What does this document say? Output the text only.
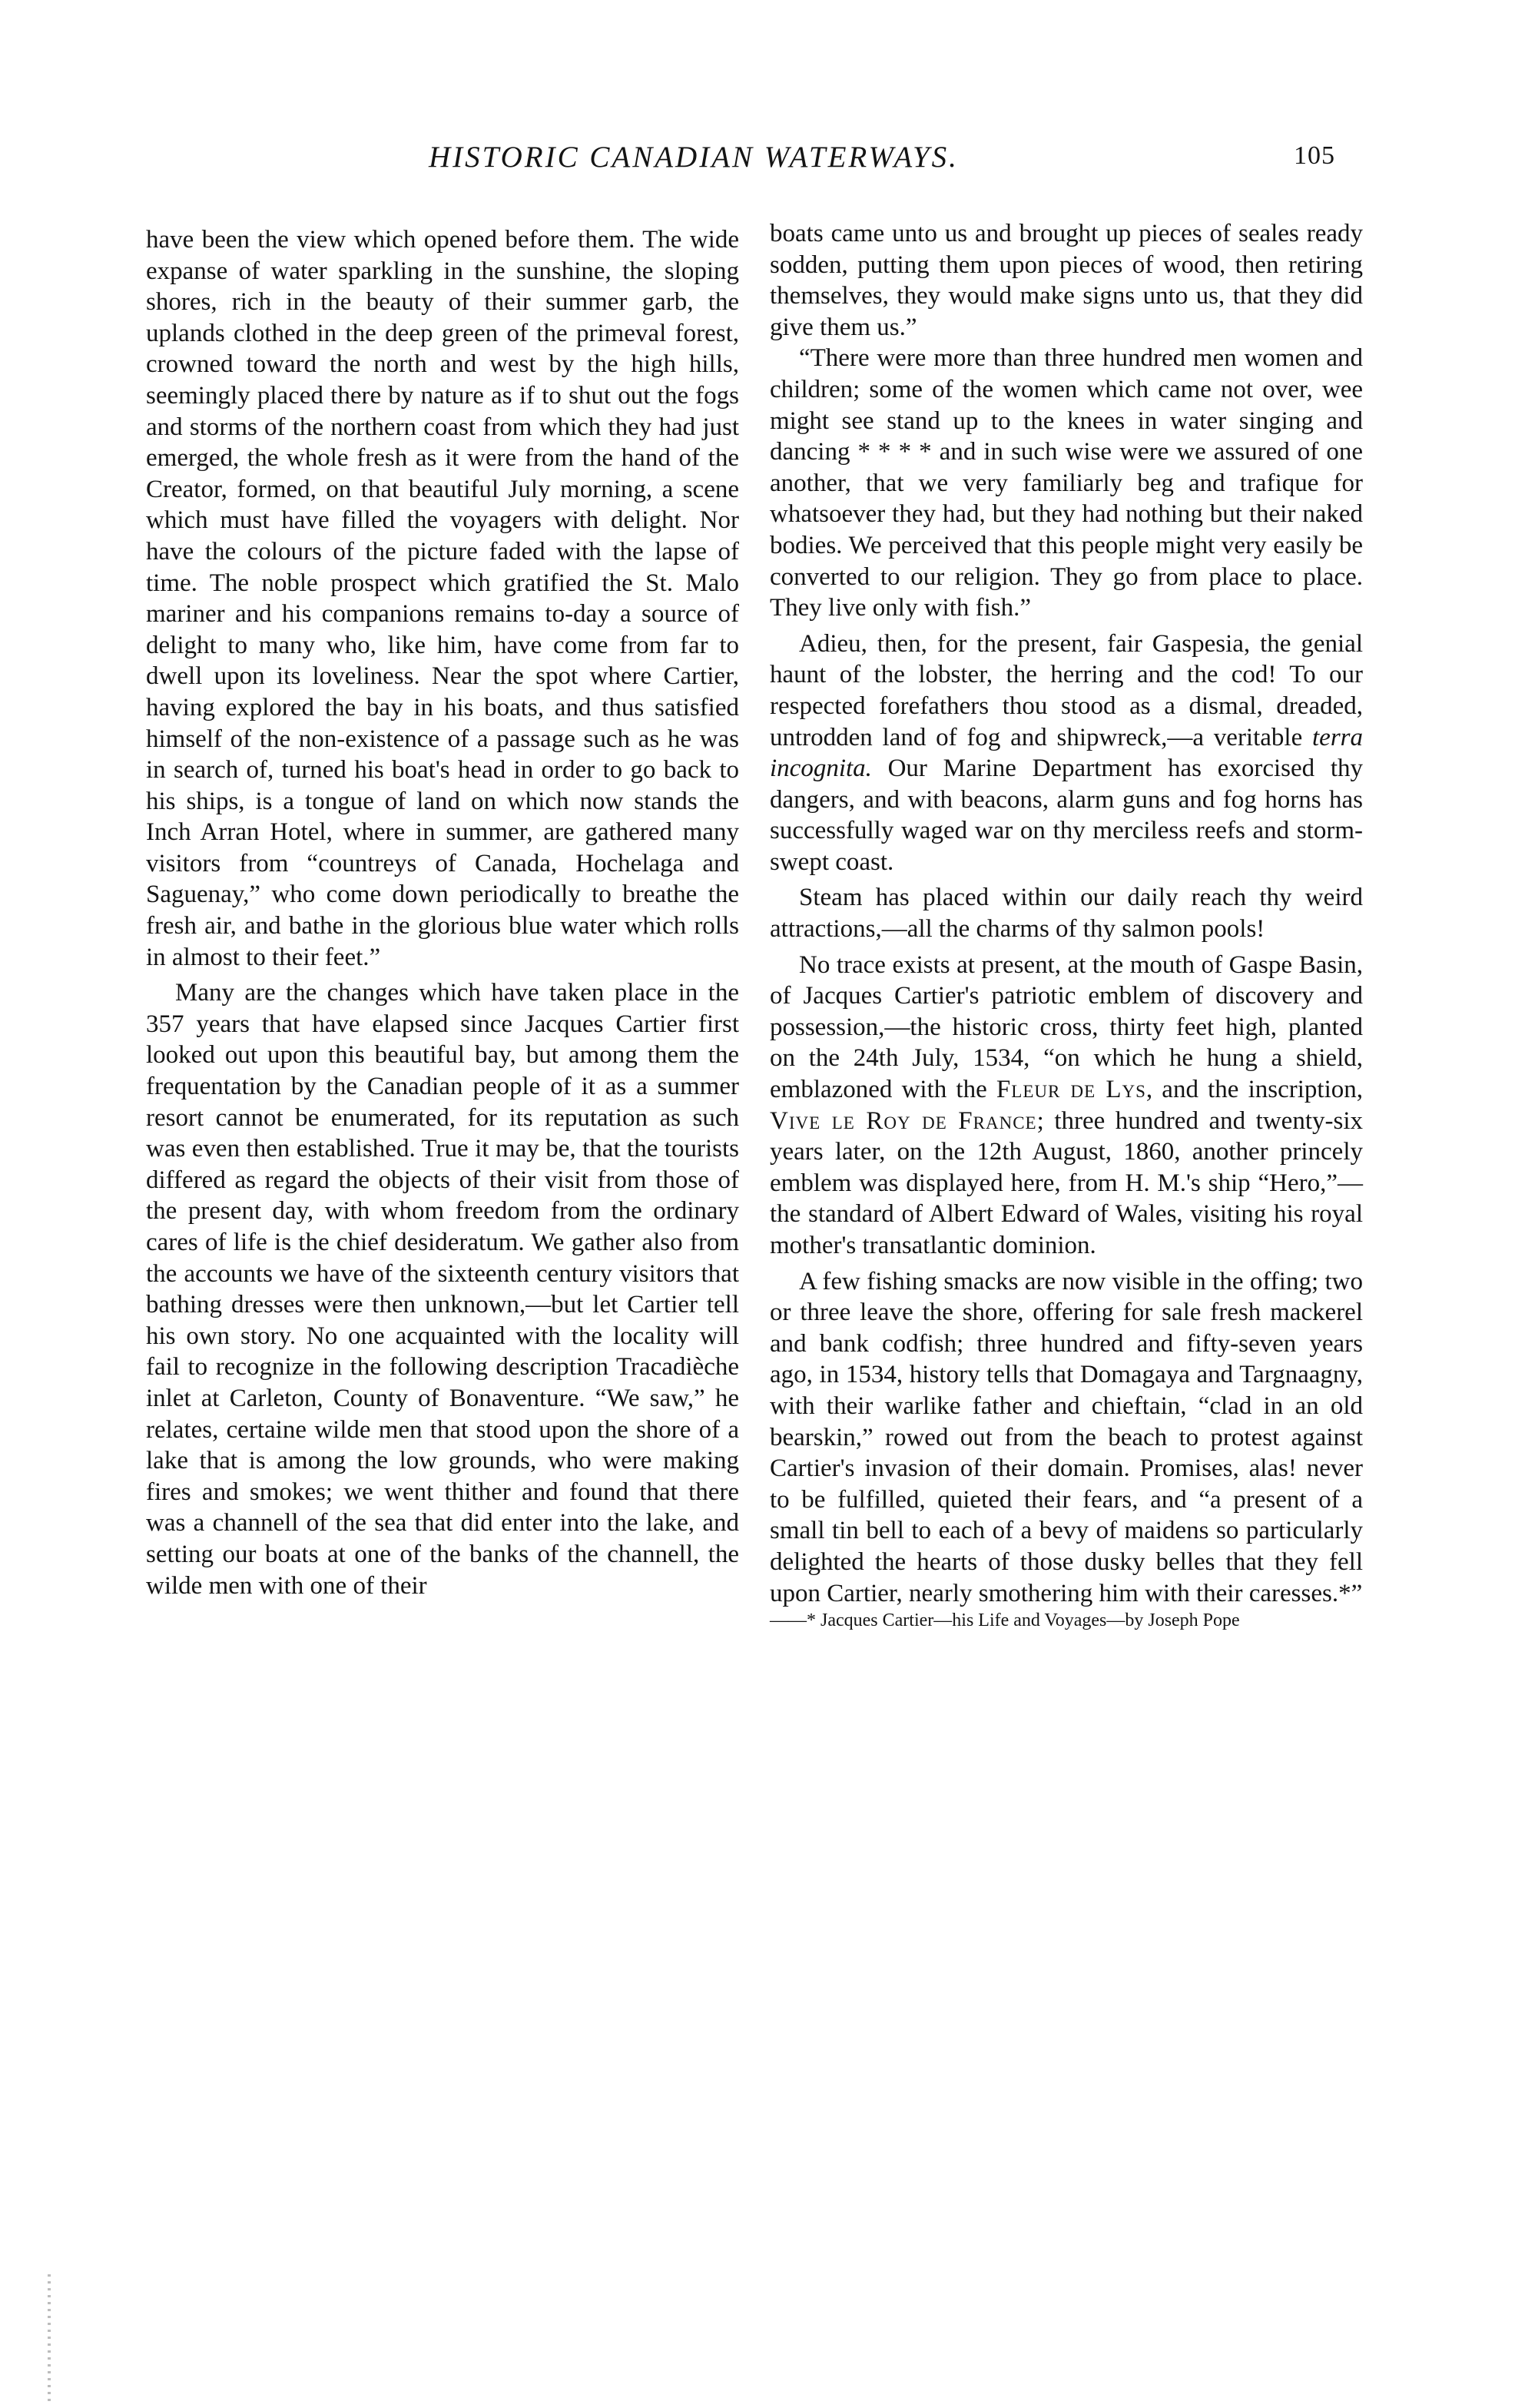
HISTORIC CANADIAN WATERWAYS.	105

have been the view which opened before them. The wide expanse of water sparkling in the sunshine, the sloping shores, rich in the beauty of their summer garb, the uplands clothed in the deep green of the primeval forest, crowned toward the north and west by the high hills, seemingly placed there by nature as if to shut out the fogs and storms of the northern coast from which they had just emerged, the whole fresh as it were from the hand of the Creator, formed, on that beautiful July morning, a scene which must have filled the voyagers with delight. Nor have the colours of the picture faded with the lapse of time. The noble prospect which gratified the St. Malo mariner and his companions remains to-day a source of delight to many who, like him, have come from far to dwell upon its loveliness. Near the spot where Cartier, having explored the bay in his boats, and thus satisfied himself of the non-existence of a passage such as he was in search of, turned his boat's head in order to go back to his ships, is a tongue of land on which now stands the Inch Arran Hotel, where in summer, are gathered many visitors from “countreys of Canada, Hochelaga and Saguenay,” who come down periodically to breathe the fresh air, and bathe in the glorious blue water which rolls in almost to their feet.”

Many are the changes which have taken place in the 357 years that have elapsed since Jacques Cartier first looked out upon this beautiful bay, but among them the frequentation by the Canadian people of it as a summer resort cannot be enumerated, for its reputation as such was even then established. True it may be, that the tourists differed as regard the objects of their visit from those of the present day, with whom freedom from the ordinary cares of life is the chief desideratum. We gather also from the accounts we have of the sixteenth century visitors that bathing dresses were then unknown,—but let Cartier tell his own story. No one acquainted with the locality will fail to recognize in the following description Tracadièche inlet at Carleton, County of Bonaventure. “We saw,” he relates, certaine wilde men that stood upon the shore of a lake that is among the low grounds, who were making fires and smokes; we went thither and found that there was a channell of the sea that did enter into the lake, and setting our boats at one of the banks of the channell, the wilde men with one of their

boats came unto us and brought up pieces of seales ready sodden, putting them upon pieces of wood, then retiring themselves, they would make signs unto us, that they did give them us.”

“There were more than three hundred men women and children; some of the women which came not over, wee might see stand up to the knees in water singing and dancing * * * * and in such wise were we assured of one another, that we very familiarly beg and trafique for whatsoever they had, but they had nothing but their naked bodies. We perceived that this people might very easily be converted to our religion. They go from place to place. They live only with fish.”

Adieu, then, for the present, fair Gaspesia, the genial haunt of the lobster, the herring and the cod! To our respected forefathers thou stood as a dismal, dreaded, untrodden land of fog and shipwreck,—a veritable terra incognita. Our Marine Department has exorcised thy dangers, and with beacons, alarm guns and fog horns has successfully waged war on thy merciless reefs and storm-swept coast.

Steam has placed within our daily reach thy weird attractions,—all the charms of thy salmon pools!

No trace exists at present, at the mouth of Gaspe Basin, of Jacques Cartier's patriotic emblem of discovery and possession,—the historic cross, thirty feet high, planted on the 24th July, 1534, “on which he hung a shield, emblazoned with the Fleur de Lys, and the inscription, Vive le Roy de France; three hundred and twenty-six years later, on the 12th August, 1860, another princely emblem was displayed here, from H. M.'s ship “Hero,”—the standard of Albert Edward of Wales, visiting his royal mother's transatlantic dominion.

A few fishing smacks are now visible in the offing; two or three leave the shore, offering for sale fresh mackerel and bank codfish; three hundred and fifty-seven years ago, in 1534, history tells that Domagaya and Targnaagny, with their warlike father and chieftain, “clad in an old bearskin,” rowed out from the beach to protest against Cartier's invasion of their domain. Promises, alas! never to be fulfilled, quieted their fears, and “a present of a small tin bell to each of a bevy of maidens so particularly delighted the hearts of those dusky belles that they fell upon Cartier, nearly smothering him with their caresses.*”

——* Jacques Cartier—his Life and Voyages—by Joseph Pope
